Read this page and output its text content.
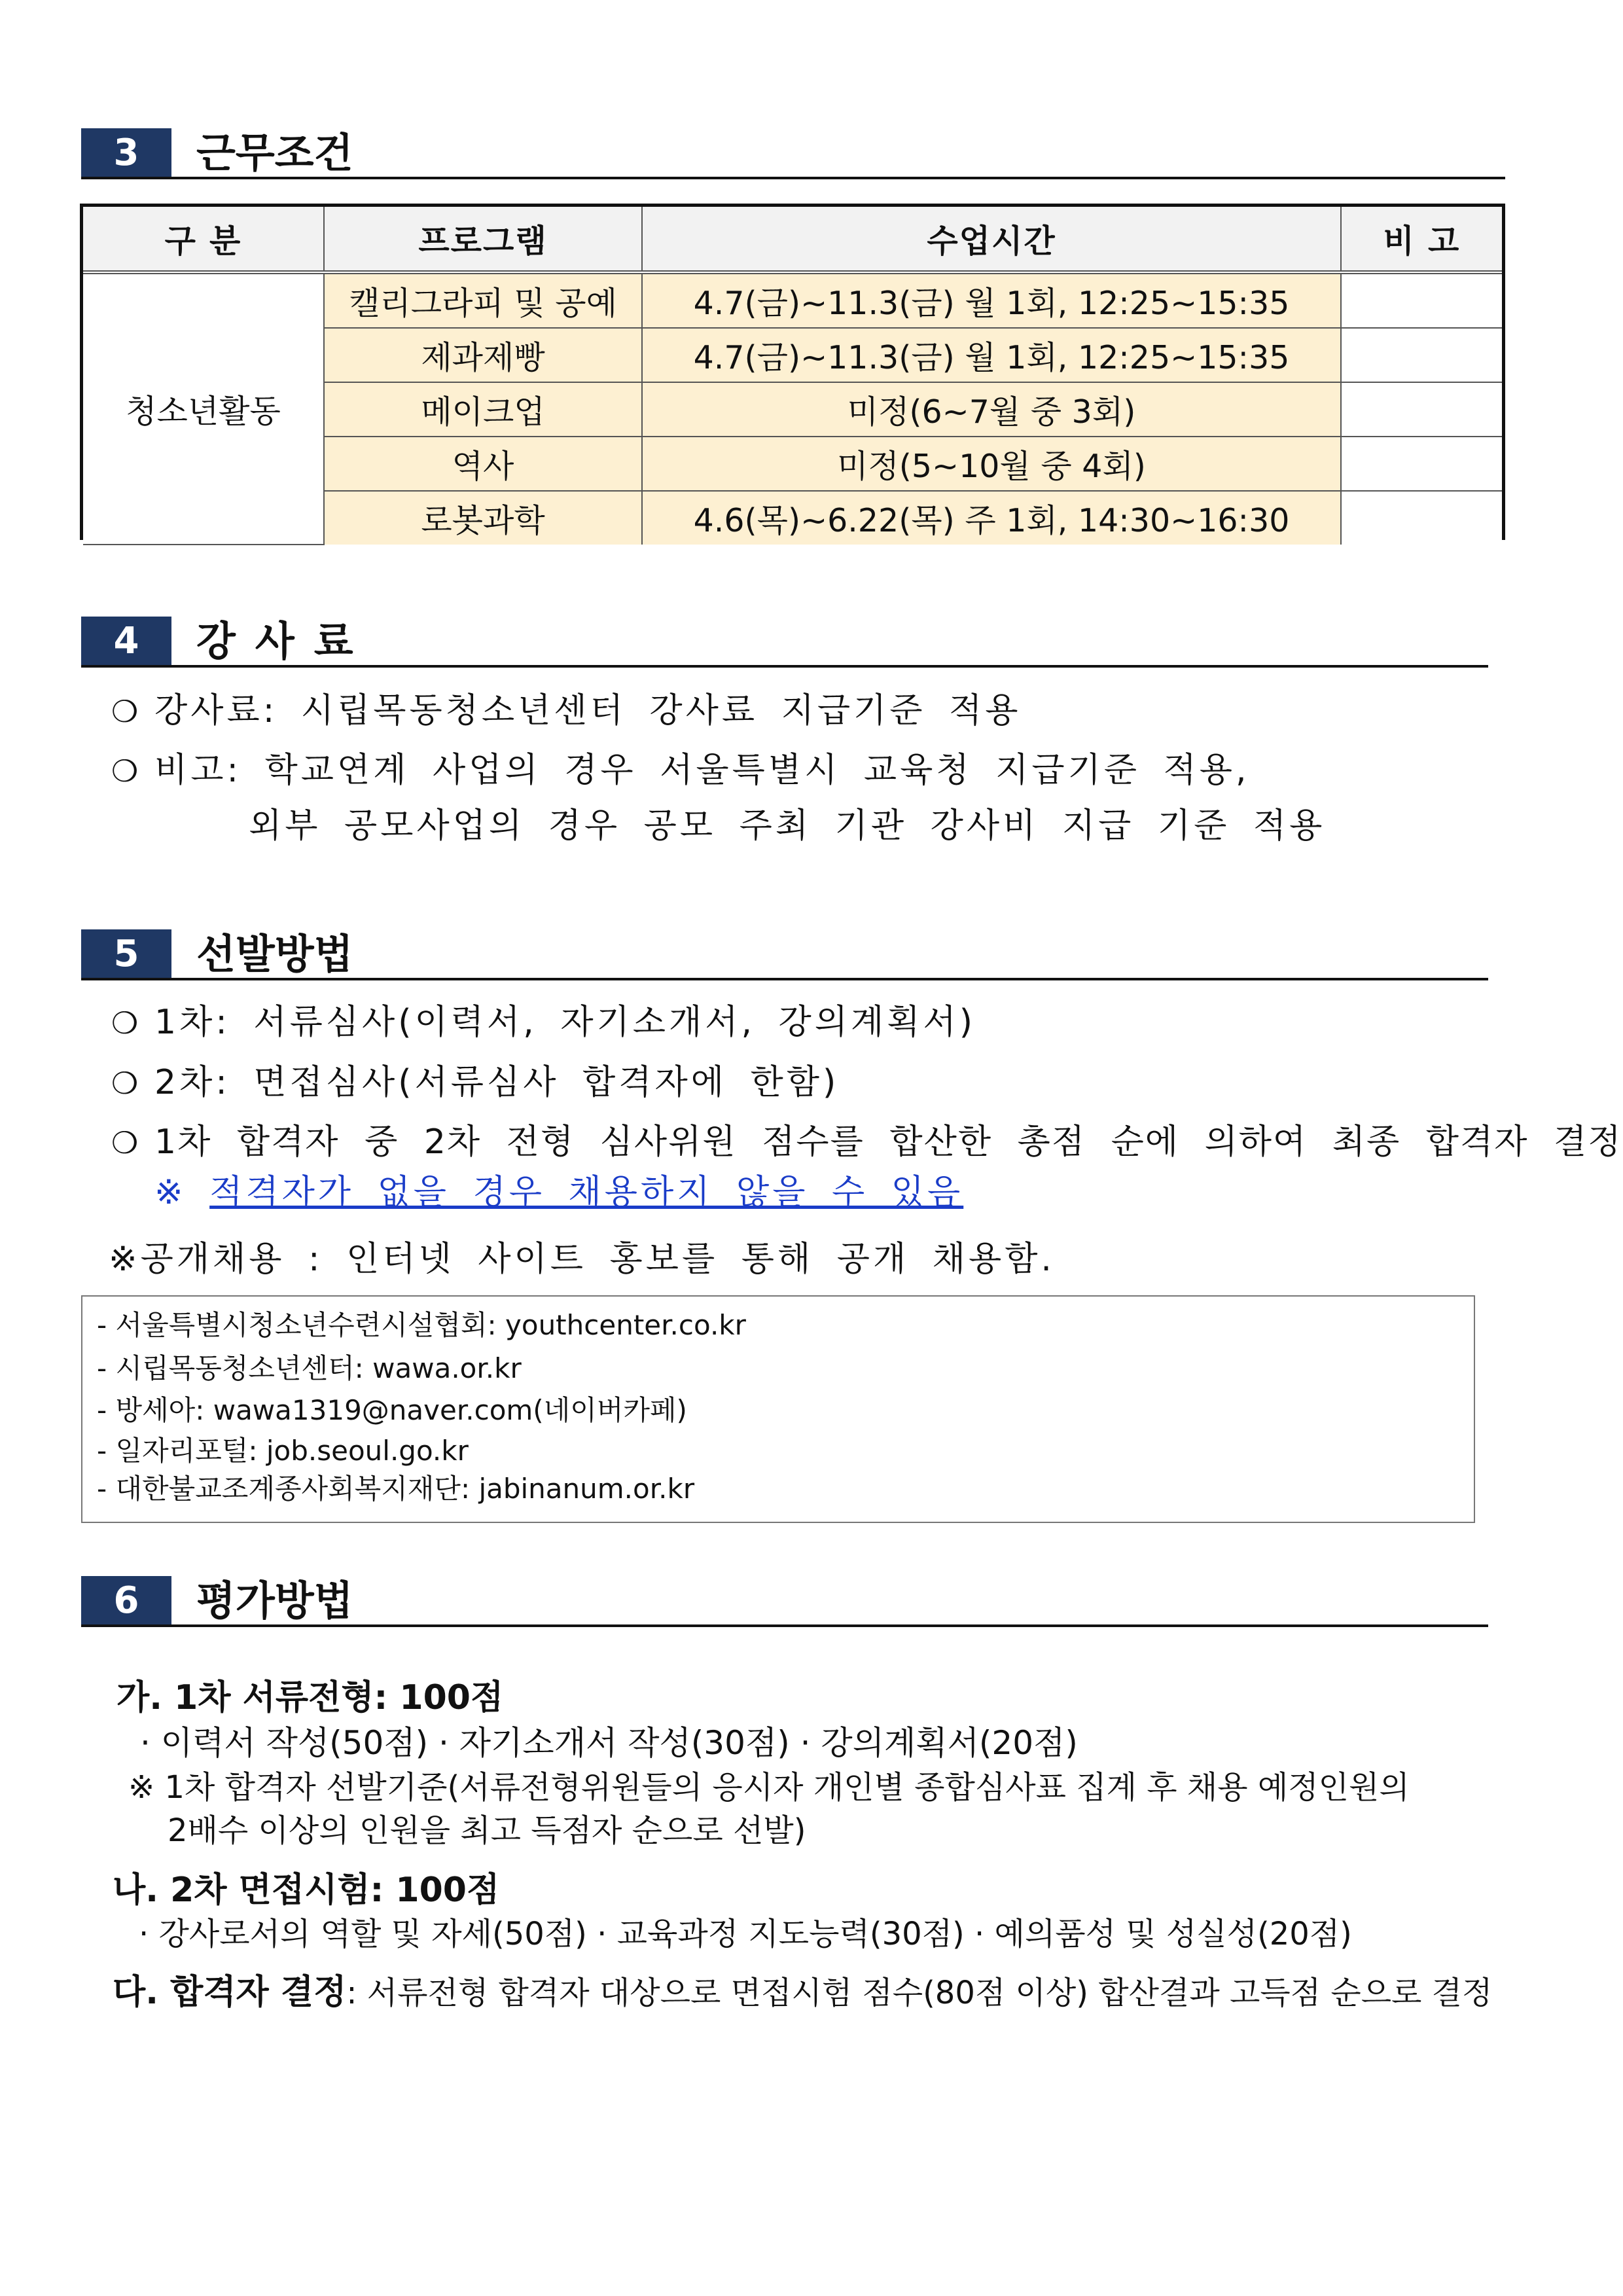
3	근무조건
구 분	프로그램	수업시간	비 고
청소년활동	캘리그라피 및 공예	4.7(금)~11.3(금) 월 1회, 12:25~15:35	
	제과제빵	4.7(금)~11.3(금) 월 1회, 12:25~15:35	
	메이크업	미정(6~7월 중 3회)	
	역사	미정(5~10월 중 4회)	
	로봇과학	4.6(목)~6.22(목) 주 1회, 14:30~16:30	
4	강사료
❍ 강사료: 시립목동청소년센터 강사료 지급기준 적용
❍ 비고: 학교연계 사업의 경우 서울특별시 교육청 지급기준 적용,
외부 공모사업의 경우 공모 주최 기관 강사비 지급 기준 적용
5	선발방법
❍ 1차: 서류심사(이력서, 자기소개서, 강의계획서)
❍ 2차: 면접심사(서류심사 합격자에 한함)
❍ 1차 합격자 중 2차 전형 심사위원 점수를 합산한 총점 순에 의하여 최종 합격자 결정
※ 적격자가 없을 경우 채용하지 않을 수 있음
※공개채용 : 인터넷 사이트 홍보를 통해 공개 채용함.
- 서울특별시청소년수련시설협회: youthcenter.co.kr
- 시립목동청소년센터: wawa.or.kr
- 방세아: wawa1319@naver.com(네이버카페)
- 일자리포털: job.seoul.go.kr
- 대한불교조계종사회복지재단: jabinanum.or.kr
6	평가방법
가. 1차 서류전형: 100점
· 이력서 작성(50점) · 자기소개서 작성(30점) · 강의계획서(20점)
※ 1차 합격자 선발기준(서류전형위원들의 응시자 개인별 종합심사표 집계 후 채용 예정인원의
2배수 이상의 인원을 최고 득점자 순으로 선발)
나. 2차 면접시험: 100점
· 강사로서의 역할 및 자세(50점) · 교육과정 지도능력(30점) · 예의품성 및 성실성(20점)
다. 합격자 결정: 서류전형 합격자 대상으로 면접시험 점수(80점 이상) 합산결과 고득점 순으로 결정
